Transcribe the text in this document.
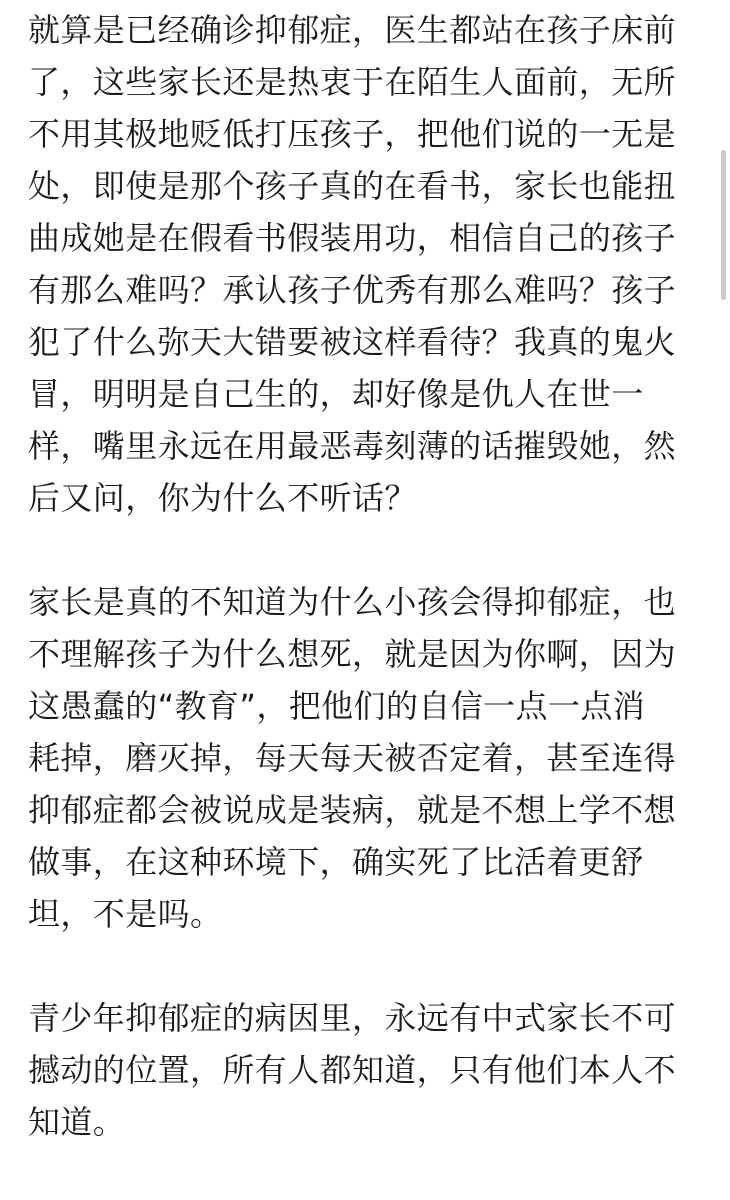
就算是已经确诊抑郁症，医生都站在孩子床前
了，这些家长还是热衷于在陌生人面前，无所
不用其极地贬低打压孩子，把他们说的一无是
处，即使是那个孩子真的在看书，家长也能扭
曲成她是在假看书假装用功，相信自己的孩子
有那么难吗？承认孩子优秀有那么难吗？孩子
犯了什么弥天大错要被这样看待？我真的鬼火
冒，明明是自己生的，却好像是仇人在世一
样，嘴里永远在用最恶毒刻薄的话摧毁她，然
后又问，你为什么不听话？
家长是真的不知道为什么小孩会得抑郁症，也
不理解孩子为什么想死，就是因为你啊，因为
这愚蠢的“教育”，把他们的自信一点一点消
耗掉，磨灭掉，每天每天被否定着，甚至连得
抑郁症都会被说成是装病，就是不想上学不想
做事，在这种环境下，确实死了比活着更舒
坦，不是吗。
青少年抑郁症的病因里，永远有中式家长不可
撼动的位置，所有人都知道，只有他们本人不
知道。
